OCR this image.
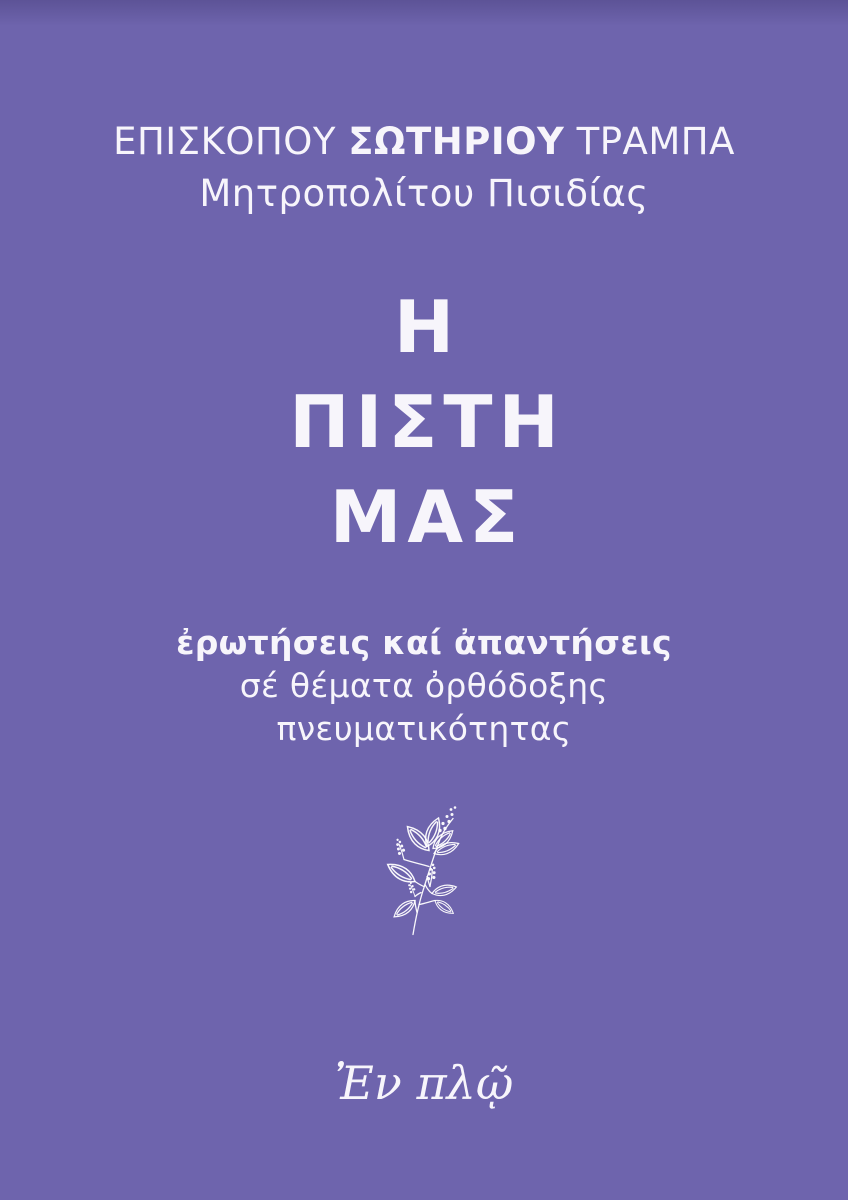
ΕΠΙΣΚΟΠΟΥ ΣΩΤΗΡΙΟΥ ΤΡΑΜΠΑ
Μητροπολίτου Πισιδίας
Η
ΠΙΣΤΗ
ΜΑΣ
ἐρωτήσεις καί ἀπαντήσεις
σέ θέματα ὀρθόδοξης
πνευματικότητας
Ἐν πλῷ
